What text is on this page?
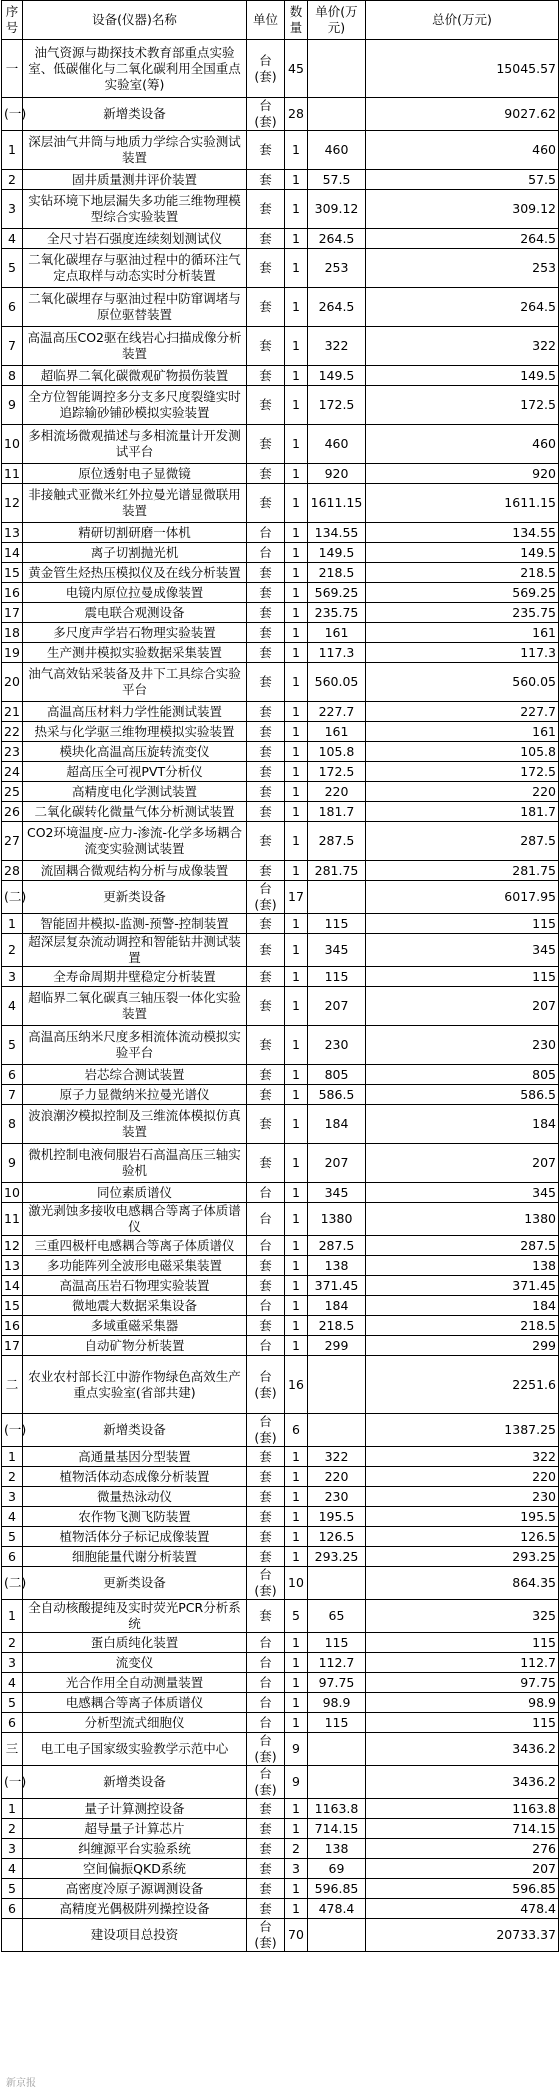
序号	设备(仪器)名称	单位	数量	单价(万元)	总价(万元)
一	油气资源与勘探技术教育部重点实验室、低碳催化与二氧化碳利用全国重点实验室(筹)	台(套)	45		15045.57
(一)	新增类设备	台(套)	28		9027.62
1	深层油气井筒与地质力学综合实验测试装置	套	1	460	460
2	固井质量测井评价装置	套	1	57.5	57.5
3	实钻环境下地层漏失多功能三维物理模型综合实验装置	套	1	309.12	309.12
4	全尺寸岩石强度连续刻划测试仪	套	1	264.5	264.5
5	二氧化碳埋存与驱油过程中的循环注气定点取样与动态实时分析装置	套	1	253	253
6	二氧化碳埋存与驱油过程中防窜调堵与原位驱替装置	套	1	264.5	264.5
7	高温高压CO2驱在线岩心扫描成像分析装置	套	1	322	322
8	超临界二氧化碳微观矿物损伤装置	套	1	149.5	149.5
9	全方位智能调控多分支多尺度裂缝实时追踪输砂铺砂模拟实验装置	套	1	172.5	172.5
10	多相流场微观描述与多相流量计开发测试平台	套	1	460	460
11	原位透射电子显微镜	套	1	920	920
12	非接触式亚微米红外拉曼光谱显微联用装置	套	1	1611.15	1611.15
13	精研切割研磨一体机	台	1	134.55	134.55
14	离子切割抛光机	台	1	149.5	149.5
15	黄金管生烃热压模拟仪及在线分析装置	套	1	218.5	218.5
16	电镜内原位拉曼成像装置	套	1	569.25	569.25
17	震电联合观测设备	套	1	235.75	235.75
18	多尺度声学岩石物理实验装置	套	1	161	161
19	生产测井模拟实验数据采集装置	套	1	117.3	117.3
20	油气高效钻采装备及井下工具综合实验平台	套	1	560.05	560.05
21	高温高压材料力学性能测试装置	套	1	227.7	227.7
22	热采与化学驱三维物理模拟实验装置	套	1	161	161
23	模块化高温高压旋转流变仪	套	1	105.8	105.8
24	超高压全可视PVT分析仪	套	1	172.5	172.5
25	高精度电化学测试装置	套	1	220	220
26	二氧化碳转化微量气体分析测试装置	套	1	181.7	181.7
27	CO2环境温度-应力-渗流-化学多场耦合流变实验测试装置	套	1	287.5	287.5
28	流固耦合微观结构分析与成像装置	套	1	281.75	281.75
(二)	更新类设备	台(套)	17		6017.95
1	智能固井模拟-监测-预警-控制装置	套	1	115	115
2	超深层复杂流动调控和智能钻井测试装置	套	1	345	345
3	全寿命周期井壁稳定分析装置	套	1	115	115
4	超临界二氧化碳真三轴压裂一体化实验装置	套	1	207	207
5	高温高压纳米尺度多相流体流动模拟实验平台	套	1	230	230
6	岩芯综合测试装置	套	1	805	805
7	原子力显微纳米拉曼光谱仪	套	1	586.5	586.5
8	波浪潮汐模拟控制及三维流体模拟仿真装置	套	1	184	184
9	微机控制电液伺服岩石高温高压三轴实验机	套	1	207	207
10	同位素质谱仪	台	1	345	345
11	激光剥蚀多接收电感耦合等离子体质谱仪	台	1	1380	1380
12	三重四极杆电感耦合等离子体质谱仪	台	1	287.5	287.5
13	多功能阵列全波形电磁采集装置	套	1	138	138
14	高温高压岩石物理实验装置	套	1	371.45	371.45
15	微地震大数据采集设备	台	1	184	184
16	多域重磁采集器	套	1	218.5	218.5
17	自动矿物分析装置	台	1	299	299
二	农业农村部长江中游作物绿色高效生产重点实验室(省部共建)	台(套)	16		2251.6
(一)	新增类设备	台(套)	6		1387.25
1	高通量基因分型装置	套	1	322	322
2	植物活体动态成像分析装置	套	1	220	220
3	微量热泳动仪	套	1	230	230
4	农作物飞测飞防装置	套	1	195.5	195.5
5	植物活体分子标记成像装置	套	1	126.5	126.5
6	细胞能量代谢分析装置	套	1	293.25	293.25
(二)	更新类设备	台(套)	10		864.35
1	全自动核酸提纯及实时荧光PCR分析系统	套	5	65	325
2	蛋白质纯化装置	台	1	115	115
3	流变仪	台	1	112.7	112.7
4	光合作用全自动测量装置	台	1	97.75	97.75
5	电感耦合等离子体质谱仪	台	1	98.9	98.9
6	分析型流式细胞仪	台	1	115	115
三	电工电子国家级实验教学示范中心	台(套)	9		3436.2
(一)	新增类设备	台(套)	9		3436.2
1	量子计算测控设备	套	1	1163.8	1163.8
2	超导量子计算芯片	套	1	714.15	714.15
3	纠缠源平台实验系统	套	2	138	276
4	空间偏振QKD系统	套	3	69	207
5	高密度冷原子源调测设备	套	1	596.85	596.85
6	高精度光偶极阱列操控设备	套	1	478.4	478.4
	建设项目总投资	台(套)	70		20733.37
新京报
